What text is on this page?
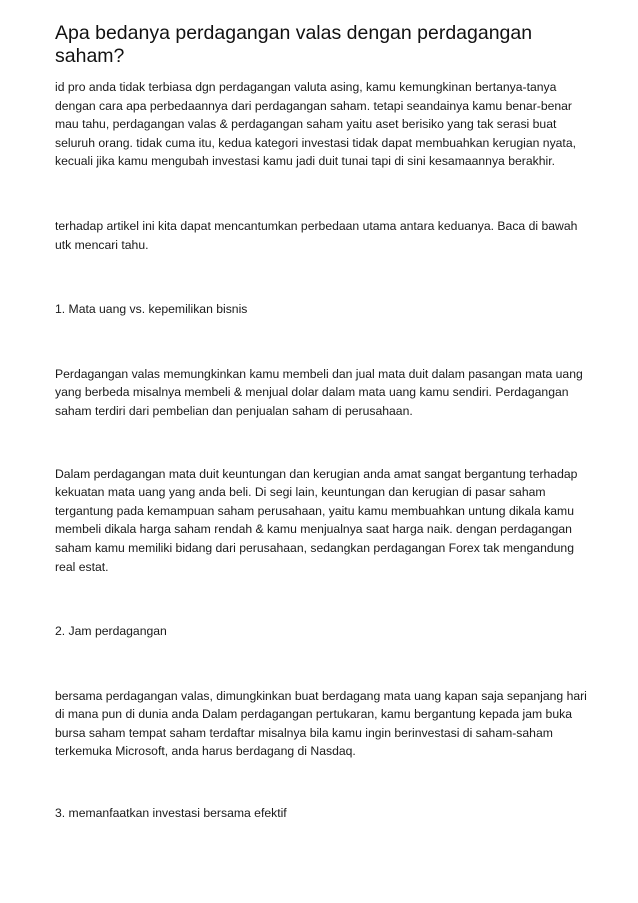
Apa bedanya perdagangan valas dengan perdagangan saham?

id pro anda tidak terbiasa dgn perdagangan valuta asing, kamu kemungkinan bertanya-tanya dengan cara apa perbedaannya dari perdagangan saham. tetapi seandainya kamu benar-benar mau tahu, perdagangan valas & perdagangan saham yaitu aset berisiko yang tak serasi buat seluruh orang. tidak cuma itu, kedua kategori investasi tidak dapat membuahkan kerugian nyata, kecuali jika kamu mengubah investasi kamu jadi duit tunai tapi di sini kesamaannya berakhir.

terhadap artikel ini kita dapat mencantumkan perbedaan utama antara keduanya. Baca di bawah utk mencari tahu.

1. Mata uang vs. kepemilikan bisnis

Perdagangan valas memungkinkan kamu membeli dan jual mata duit dalam pasangan mata uang yang berbeda misalnya membeli & menjual dolar dalam mata uang kamu sendiri. Perdagangan saham terdiri dari pembelian dan penjualan saham di perusahaan.

Dalam perdagangan mata duit keuntungan dan kerugian anda amat sangat bergantung terhadap kekuatan mata uang yang anda beli. Di segi lain, keuntungan dan kerugian di pasar saham tergantung pada kemampuan saham perusahaan, yaitu kamu membuahkan untung dikala kamu membeli dikala harga saham rendah & kamu menjualnya saat harga naik. dengan perdagangan saham kamu memiliki bidang dari perusahaan, sedangkan perdagangan Forex tak mengandung real estat.

2. Jam perdagangan

bersama perdagangan valas, dimungkinkan buat berdagang mata uang kapan saja sepanjang hari di mana pun di dunia anda Dalam perdagangan pertukaran, kamu bergantung kepada jam buka bursa saham tempat saham terdaftar misalnya bila kamu ingin berinvestasi di saham-saham terkemuka Microsoft, anda harus berdagang di Nasdaq.

3. memanfaatkan investasi bersama efektif
